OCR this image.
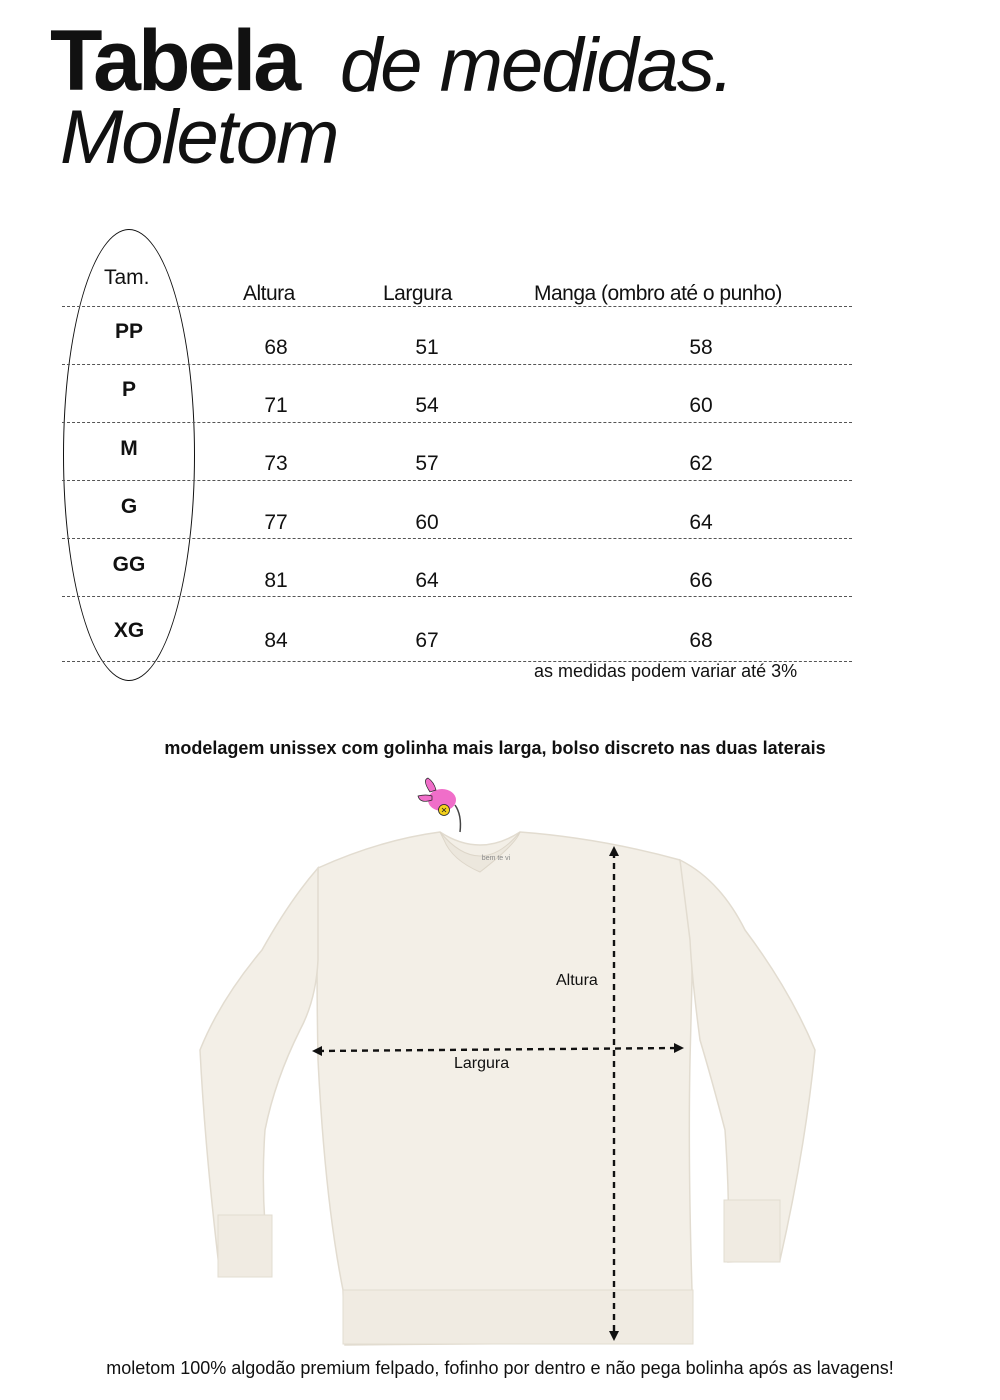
Tabela de medidas.
Moletom
Tam.
Altura	Largura	Manga (ombro até o punho)
PP
68	51	58
P
71	54	60
M
73	57	62
G
77	60	64
GG
81	64	66
XG	84	67	68
as medidas podem variar até 3%
modelagem unissex com golinha mais larga, bolso discreto nas duas laterais
bem te vi
Altura
Largura
moletom 100% algodão premium felpado, fofinho por dentro e não pega bolinha após as lavagens!
